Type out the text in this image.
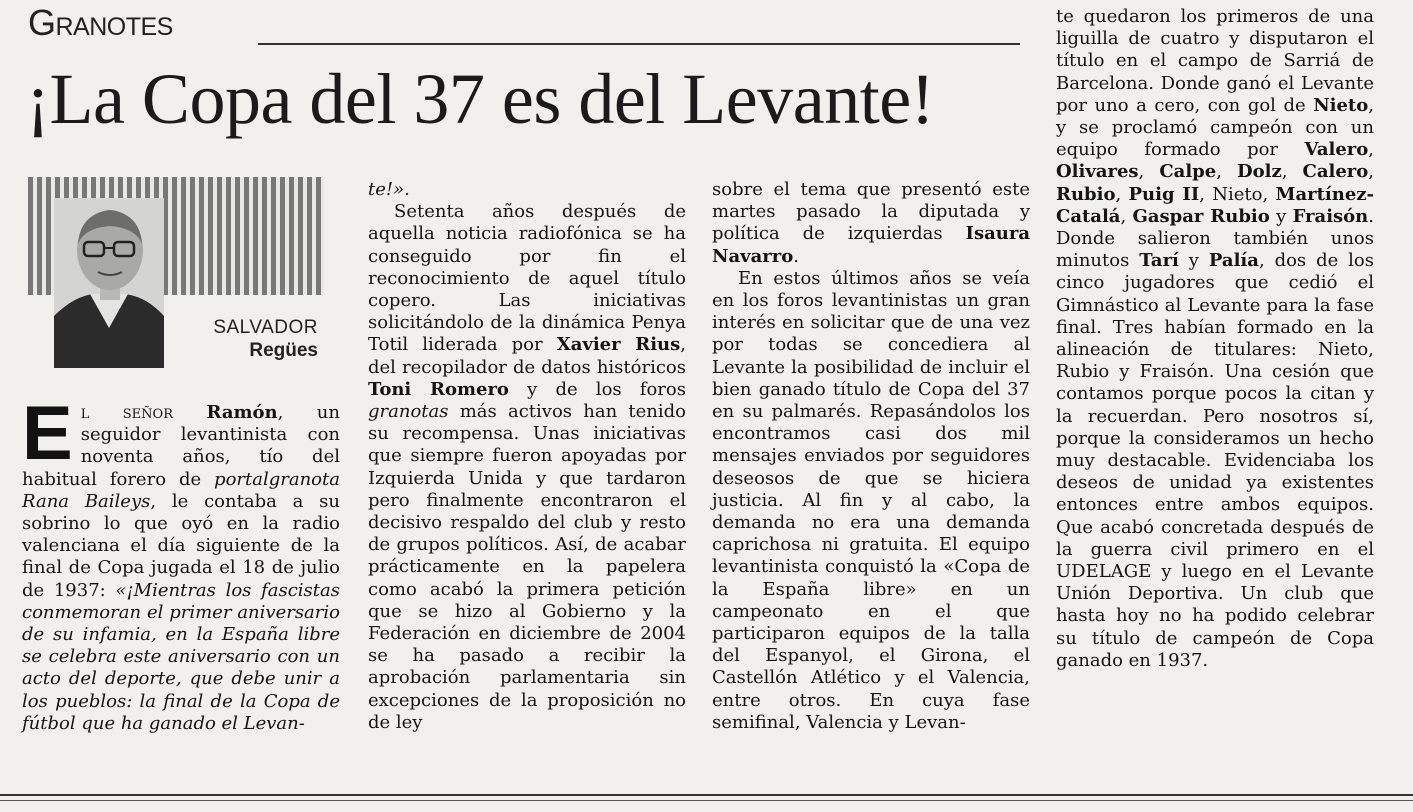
Granotes
¡La Copa del 37 es del Levante!
SALVADOR
Regües

El señor Ramón, un seguidor levantinista con noventa años, tío del habitual forero de portalgranota Rana Baileys, le contaba a su sobrino lo que oyó en la radio valenciana el día siguiente de la final de Copa jugada el 18 de julio de 1937: «¡Mientras los fascistas conmemoran el primer aniversario de su infamia, en la España libre se celebra este aniversario con un acto del deporte, que debe unir a los pueblos: la final de la Copa de fútbol que ha ganado el Levan-

te!».

Setenta años después de aquella noticia radiofónica se ha conseguido por fin el reconocimiento de aquel título copero. Las iniciativas solicitándolo de la dinámica Penya Totil liderada por Xavier Rius, del recopilador de datos históricos Toni Romero y de los foros granotas más activos han tenido su recompensa. Unas iniciativas que siempre fueron apoyadas por Izquierda Unida y que tardaron pero finalmente encontraron el decisivo respaldo del club y resto de grupos políticos. Así, de acabar prácticamente en la papelera como acabó la primera petición que se hizo al Gobierno y la Federación en diciembre de 2004 se ha pasado a recibir la aprobación parlamentaria sin excepciones de la proposición no de ley

sobre el tema que presentó este martes pasado la diputada y política de izquierdas Isaura Navarro.

En estos últimos años se veía en los foros levantinistas un gran interés en solicitar que de una vez por todas se concediera al Levante la posibilidad de incluir el bien ganado título de Copa del 37 en su palmarés. Repasándolos los encontramos casi dos mil mensajes enviados por seguidores deseosos de que se hiciera justicia. Al fin y al cabo, la demanda no era una demanda caprichosa ni gratuita. El equipo levantinista conquistó la «Copa de la España libre» en un campeonato en el que participaron equipos de la talla del Espanyol, el Girona, el Castellón Atlético y el Valencia, entre otros. En cuya fase semifinal, Valencia y Levan-

te quedaron los primeros de una liguilla de cuatro y disputaron el título en el campo de Sarriá de Barcelona. Donde ganó el Levante por uno a cero, con gol de Nieto, y se proclamó campeón con un equipo formado por Valero, Olivares, Calpe, Dolz, Calero, Rubio, Puig II, Nieto, Martínez-Catalá, Gaspar Rubio y Fraisón. Donde salieron también unos minutos Tarí y Palía, dos de los cinco jugadores que cedió el Gimnástico al Levante para la fase final. Tres habían formado en la alineación de titulares: Nieto, Rubio y Fraisón. Una cesión que contamos porque pocos la citan y la recuerdan. Pero nosotros sí, porque la consideramos un hecho muy destacable. Evidenciaba los deseos de unidad ya existentes entonces entre ambos equipos. Que acabó concretada después de la guerra civil primero en el UDELAGE y luego en el Levante Unión Deportiva. Un club que hasta hoy no ha podido celebrar su título de campeón de Copa ganado en 1937.
